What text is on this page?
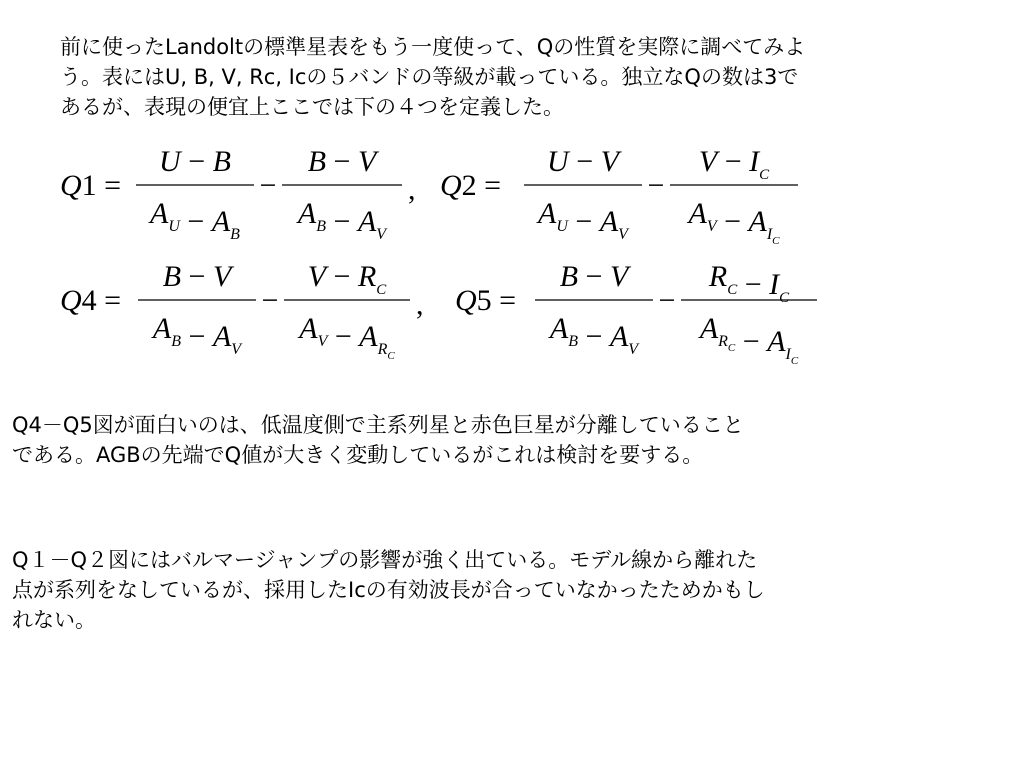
前に使ったLandoltの標準星表をもう一度使って、Qの性質を実際に調べてみよ
う。表にはU, B, V, Rc, Icの５バンドの等級が載っている。独立なQの数は3で
あるが、表現の便宜上ここでは下の４つを定義した。
Q1 =
U − B
$A_U - A_B$
−
B − V
$A_B - A_V$
, Q2 =
U − V
$A_U - A_V$
−
$V - I_C$
$A_V - A_IC$
Q4 =
B − V
$A_B - A_V$
−
$V - R_C$
$A_V - A_RC$
, Q5 =
B − V
$A_B - A_V$
−
$R_C - I_C$
$A_RC - A_IC$
Q4－Q5図が面白いのは、低温度側で主系列星と赤色巨星が分離していること
である。AGBの先端でQ値が大きく変動しているがこれは検討を要する。
Q１－Q２図にはバルマージャンプの影響が強く出ている。モデル線から離れた
点が系列をなしているが、採用したIcの有効波長が合っていなかったためかもし
れない。
